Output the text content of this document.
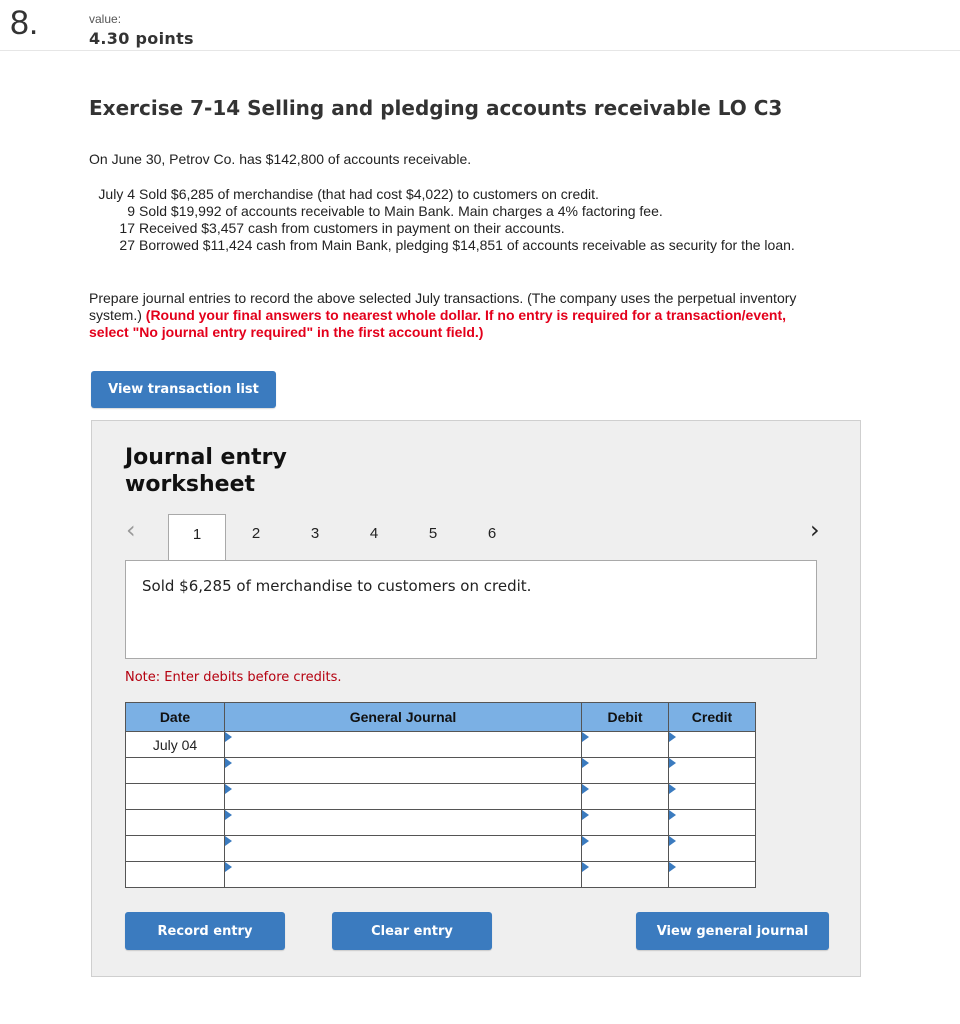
8.	value:
4.30 points
Exercise 7-14 Selling and pledging accounts receivable LO C3
On June 30, Petrov Co. has $142,800 of accounts receivable.
July 4 Sold $6,285 of merchandise (that had cost $4,022) to customers on credit.
9 Sold $19,992 of accounts receivable to Main Bank. Main charges a 4% factoring fee.
17 Received $3,457 cash from customers in payment on their accounts.
27 Borrowed $11,424 cash from Main Bank, pledging $14,851 of accounts receivable as security for the loan.
Prepare journal entries to record the above selected July transactions. (The company uses the perpetual inventory system.) (Round your final answers to nearest whole dollar. If no entry is required for a transaction/event, select "No journal entry required" in the first account field.)
View transaction list
Journal entry
worksheet
‹	1	2	3	4	5	6	›
Sold $6,285 of merchandise to customers on credit.
Note: Enter debits before credits.
Date	General Journal	Debit	Credit
July 04	

Record entry	Clear entry	View general journal
